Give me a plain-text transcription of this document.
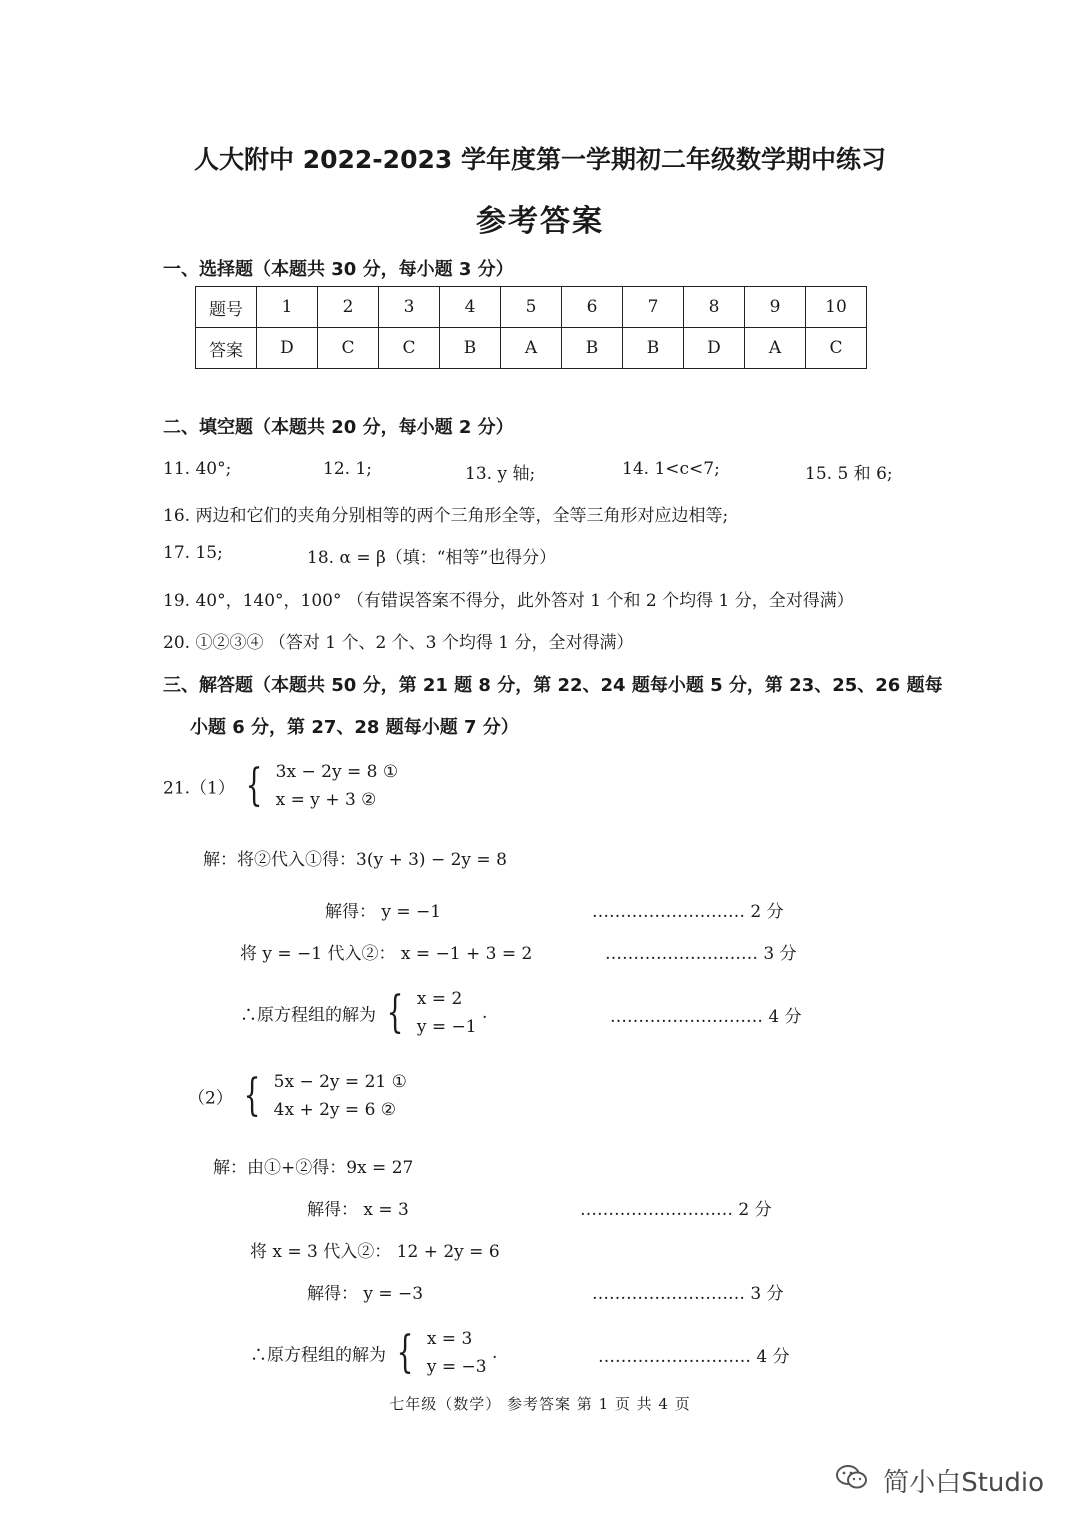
人大附中 2022-2023 学年度第一学期初二年级数学期中练习
参考答案
一、选择题（本题共 30 分，每小题 3 分）
题号	1	2	3	4	5	6	7	8	9	10
答案	D	C	C	B	A	B	B	D	A	C
二、填空题（本题共 20 分，每小题 2 分）
11. 40°;	12. 1;	13. y 轴;	14. 1<c<7;	15. 5 和 6;
16. 两边和它们的夹角分别相等的两个三角形全等，全等三角形对应边相等;
17. 15;	18. α = β（填：“相等”也得分）
19. 40°，140°，100° （有错误答案不得分，此外答对 1 个和 2 个均得 1 分，全对得满）
20. ①②③④ （答对 1 个、2 个、3 个均得 1 分，全对得满）
三、解答题（本题共 50 分，第 21 题 8 分，第 22、24 题每小题 5 分，第 23、25、26 题每
小题 6 分，第 27、28 题每小题 7 分）
21.（1） { 3x − 2y = 8 ①
x = y + 3 ②
解：将②代入①得：3(y + 3) − 2y = 8
解得： y = −1	……………………… 2 分
将 y = −1 代入②： x = −1 + 3 = 2	……………………… 3 分
∴原方程组的解为 { x = 2
y = −1
.	……………………… 4 分
（2） { 5x − 2y = 21 ①
4x + 2y = 6 ②
解：由①+②得：9x = 27
解得： x = 3	……………………… 2 分
将 x = 3 代入②： 12 + 2y = 6
解得： y = −3	……………………… 3 分
∴原方程组的解为 { x = 3
y = −3
.	……………………… 4 分
七年级（数学） 参考答案 第 1 页 共 4 页
简小白Studio
